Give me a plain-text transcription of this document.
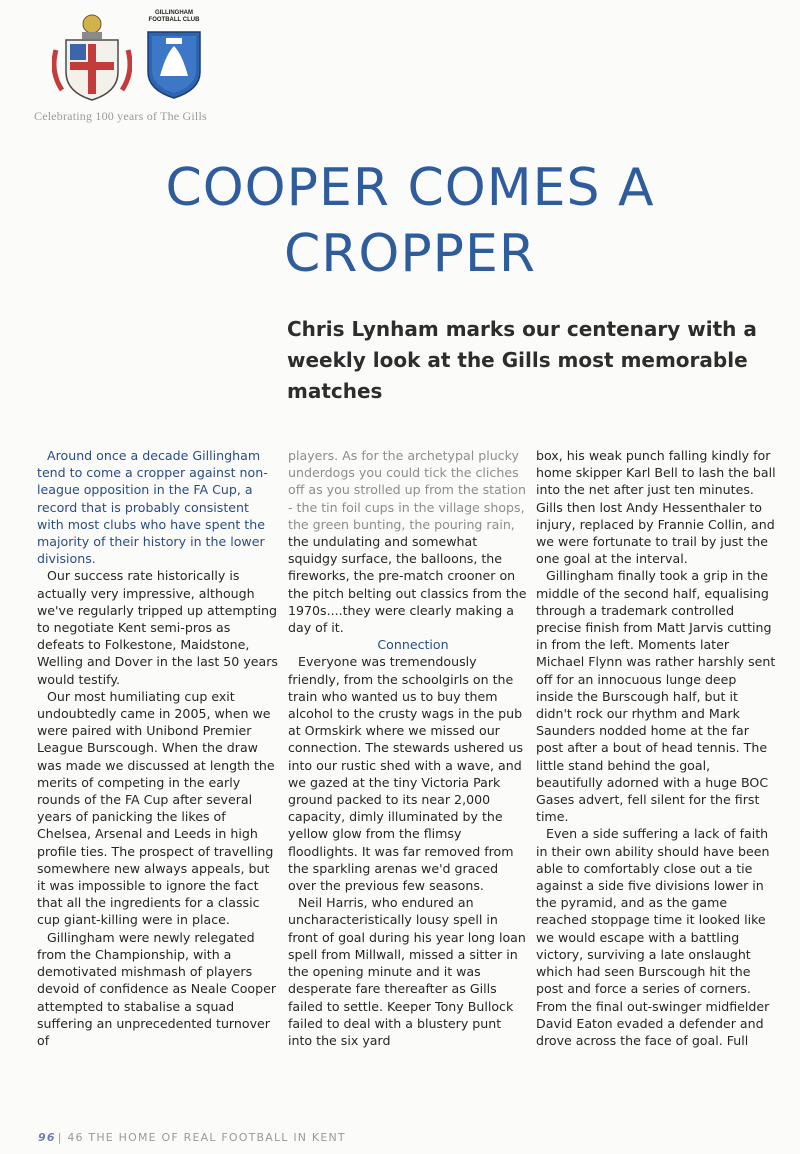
GILLINGHAM FOOTBALL CLUB
Celebrating 100 years of The Gills
COOPER COMES A CROPPER
Chris Lynham marks our centenary with a weekly look at the Gills most memorable matches

Around once a decade Gillingham tend to come a cropper against non-league opposition in the FA Cup, a record that is probably consistent with most clubs who have spent the majority of their history in the lower divisions.

Our success rate historically is actually very impressive, although we've regularly tripped up attempting to negotiate Kent semi-pros as defeats to Folkestone, Maidstone, Welling and Dover in the last 50 years would testify.

Our most humiliating cup exit undoubtedly came in 2005, when we were paired with Unibond Premier League Burscough. When the draw was made we discussed at length the merits of competing in the early rounds of the FA Cup after several years of panicking the likes of Chelsea, Arsenal and Leeds in high profile ties. The prospect of travelling somewhere new always appeals, but it was impossible to ignore the fact that all the ingredients for a classic cup giant-killing were in place.

Gillingham were newly relegated from the Championship, with a demotivated mishmash of players devoid of confidence as Neale Cooper attempted to stabalise a squad suffering an unprecedented turnover of

players. As for the archetypal plucky underdogs you could tick the cliches off as you strolled up from the station - the tin foil cups in the village shops, the green bunting, the pouring rain, the undulating and somewhat squidgy surface, the balloons, the fireworks, the pre-match crooner on the pitch belting out classics from the 1970s....they were clearly making a day of it.

Connection

Everyone was tremendously friendly, from the schoolgirls on the train who wanted us to buy them alcohol to the crusty wags in the pub at Ormskirk where we missed our connection. The stewards ushered us into our rustic shed with a wave, and we gazed at the tiny Victoria Park ground packed to its near 2,000 capacity, dimly illuminated by the yellow glow from the flimsy floodlights. It was far removed from the sparkling arenas we'd graced over the previous few seasons.

Neil Harris, who endured an uncharacteristically lousy spell in front of goal during his year long loan spell from Millwall, missed a sitter in the opening minute and it was desperate fare thereafter as Gills failed to settle. Keeper Tony Bullock failed to deal with a blustery punt into the six yard

box, his weak punch falling kindly for home skipper Karl Bell to lash the ball into the net after just ten minutes. Gills then lost Andy Hessenthaler to injury, replaced by Frannie Collin, and we were fortunate to trail by just the one goal at the interval.

Gillingham finally took a grip in the middle of the second half, equalising through a trademark controlled precise finish from Matt Jarvis cutting in from the left. Moments later Michael Flynn was rather harshly sent off for an innocuous lunge deep inside the Burscough half, but it didn't rock our rhythm and Mark Saunders nodded home at the far post after a bout of head tennis. The little stand behind the goal, beautifully adorned with a huge BOC Gases advert, fell silent for the first time.

Even a side suffering a lack of faith in their own ability should have been able to comfortably close out a tie against a side five divisions lower in the pyramid, and as the game reached stoppage time it looked like we would escape with a battling victory, surviving a late onslaught which had seen Burscough hit the post and force a series of corners. From the final out-swinger midfielder David Eaton evaded a defender and drove across the face of goal. Full

96 | 46 THE HOME OF REAL FOOTBALL IN KENT
